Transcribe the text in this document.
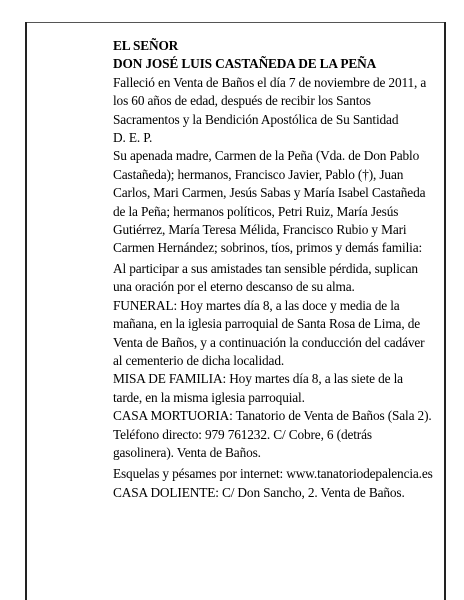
EL SEÑOR

DON JOSÉ LUIS CASTAÑEDA DE LA PEÑA

Falleció en Venta de Baños el día 7 de noviembre de 2011, a los 60 años de edad, después de recibir los Santos Sacramentos y la Bendición Apostólica de Su Santidad

D. E. P.

Su apenada madre, Carmen de la Peña (Vda. de Don Pablo Castañeda); hermanos, Francisco Javier, Pablo (†), Juan Carlos, Mari Carmen, Jesús Sabas y María Isabel Castañeda de la Peña; hermanos políticos, Petri Ruiz, María Jesús Gutiérrez, María Teresa Mélida, Francisco Rubio y Mari Carmen Hernández; sobrinos, tíos, primos y demás familia:

Al participar a sus amistades tan sensible pérdida, suplican una oración por el eterno descanso de su alma.

FUNERAL: Hoy martes día 8, a las doce y media de la mañana, en la iglesia parroquial de Santa Rosa de Lima, de Venta de Baños, y a continuación la conducción del cadáver al cementerio de dicha localidad.

MISA DE FAMILIA: Hoy martes día 8, a las siete de la tarde, en la misma iglesia parroquial.

CASA MORTUORIA: Tanatorio de Venta de Baños (Sala 2). Teléfono directo: 979 761232. C/ Cobre, 6 (detrás gasolinera). Venta de Baños.

Esquelas y pésames por internet: www.tanatoriodepalencia.es

CASA DOLIENTE: C/ Don Sancho, 2. Venta de Baños.
